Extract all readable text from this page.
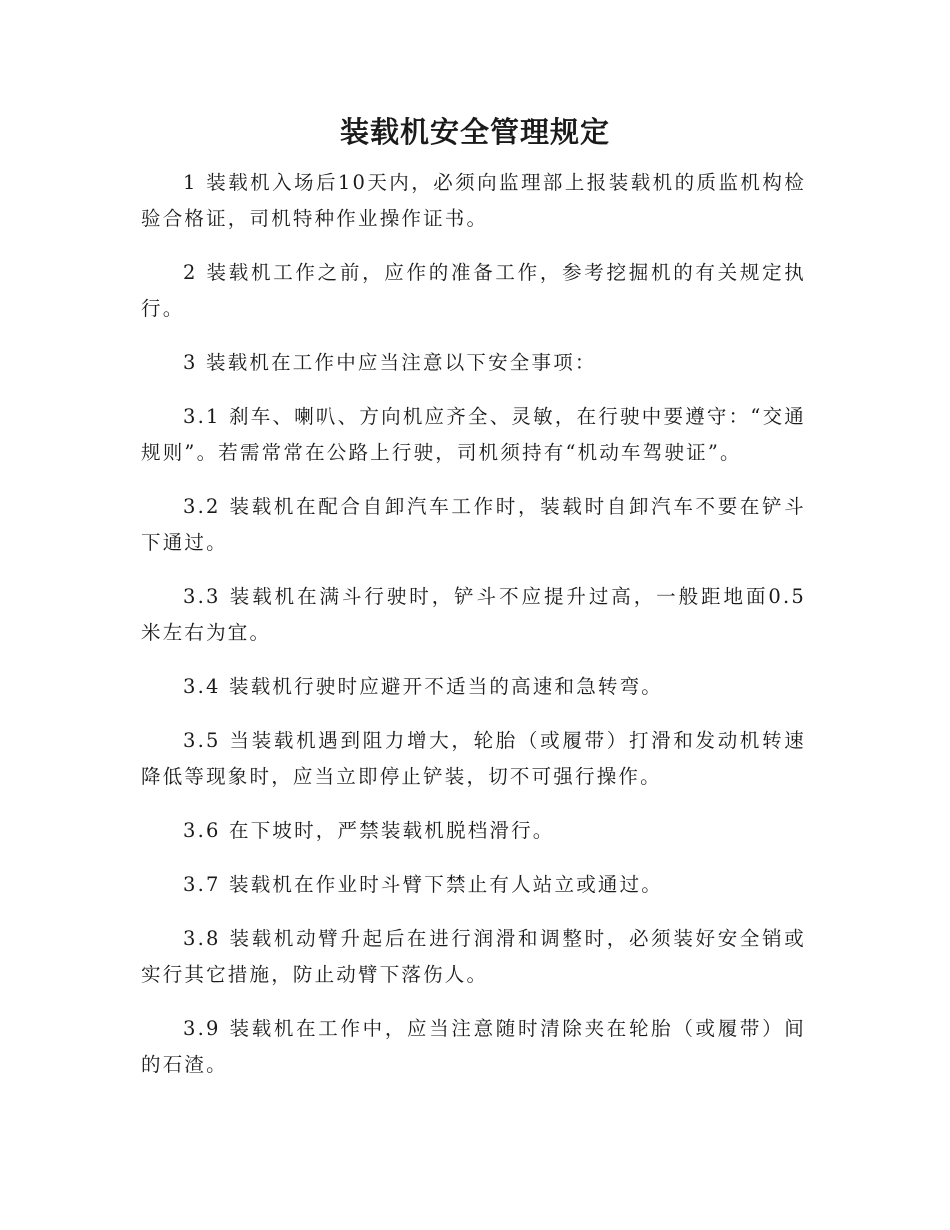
装载机安全管理规定

1 装载机入场后10天内，必须向监理部上报装载机的质监机构检验合格证，司机特种作业操作证书。

2 装载机工作之前，应作的准备工作，参考挖掘机的有关规定执行。

3 装载机在工作中应当注意以下安全事项：

3.1 刹车、喇叭、方向机应齐全、灵敏，在行驶中要遵守：“交通规则”。若需常常在公路上行驶，司机须持有“机动车驾驶证”。

3.2 装载机在配合自卸汽车工作时，装载时自卸汽车不要在铲斗下通过。

3.3 装载机在满斗行驶时，铲斗不应提升过高，一般距地面0.5米左右为宜。

3.4 装载机行驶时应避开不适当的高速和急转弯。

3.5 当装载机遇到阻力增大，轮胎（或履带）打滑和发动机转速降低等现象时，应当立即停止铲装，切不可强行操作。

3.6 在下坡时，严禁装载机脱档滑行。

3.7 装载机在作业时斗臂下禁止有人站立或通过。

3.8 装载机动臂升起后在进行润滑和调整时，必须装好安全销或实行其它措施，防止动臂下落伤人。

3.9 装载机在工作中，应当注意随时清除夹在轮胎（或履带）间的石渣。
